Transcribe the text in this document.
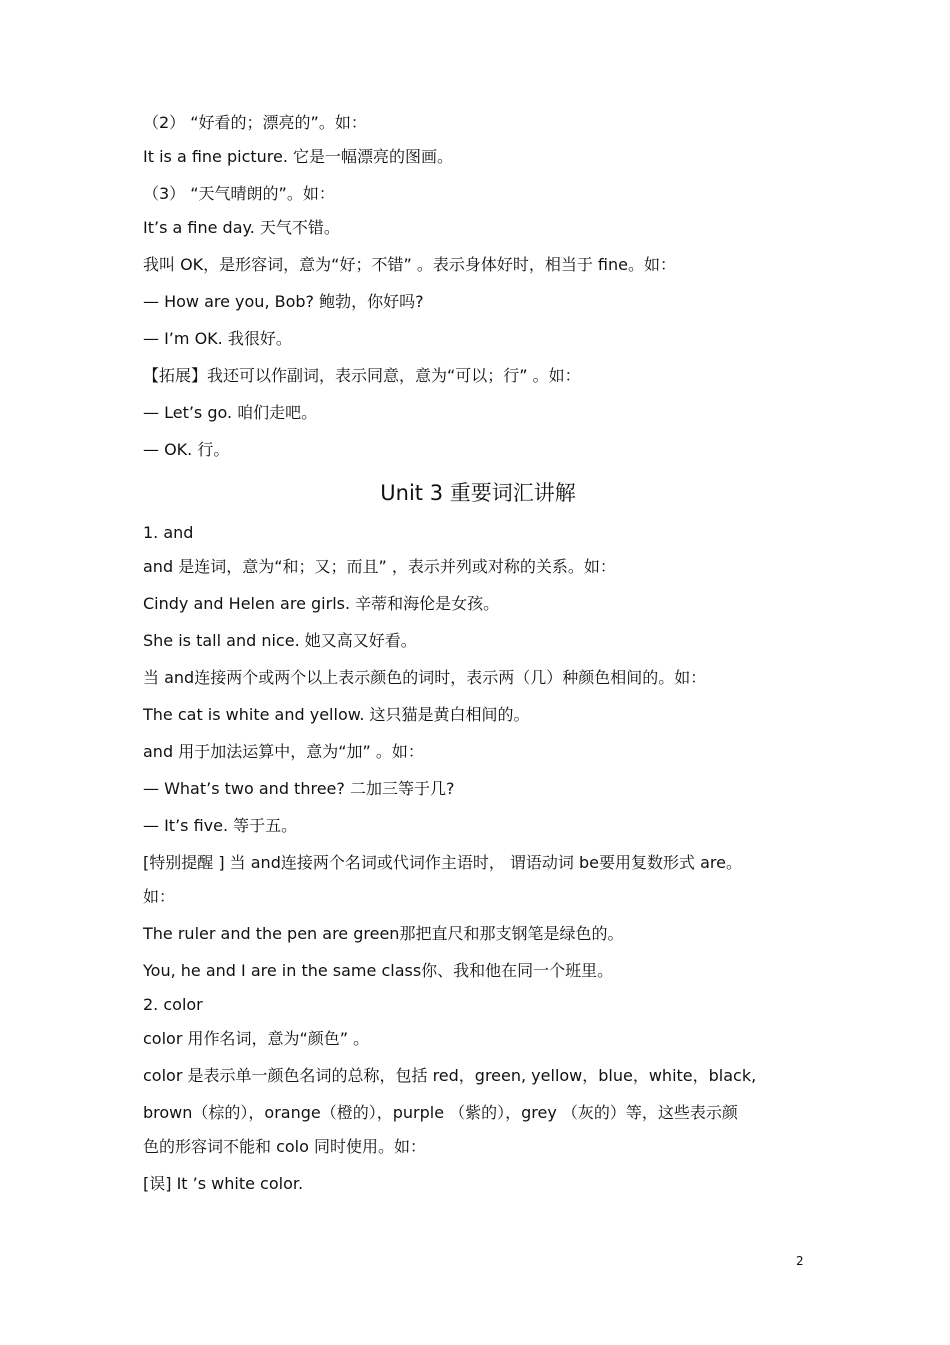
（2） “好看的；漂亮的”。如：
It is a fine picture. 它是一幅漂亮的图画。
（3） “天气晴朗的”。如：
It’s a fine day. 天气不错。
我叫 OK，是形容词，意为“好；不错” 。表示身体好时，相当于 fine。如：
— How are you, Bob? 鲍勃，你好吗?
— I’m OK. 我很好。
【拓展】我还可以作副词，表示同意，意为“可以；行” 。如：
— Let’s go. 咱们走吧。
— OK. 行。
Unit 3 重要词汇讲解
1. and
and 是连词，意为“和；又；而且” ，表示并列或对称的关系。如：
Cindy and Helen are girls. 辛蒂和海伦是女孩。
She is tall and nice. 她又高又好看。
当 and连接两个或两个以上表示颜色的词时，表示两（几）种颜色相间的。如：
The cat is white and yellow. 这只猫是黄白相间的。
and 用于加法运算中，意为“加” 。如：
— What’s two and three? 二加三等于几?
— It’s five. 等于五。
[特别提醒 ] 当 and连接两个名词或代词作主语时， 谓语动词 be要用复数形式 are。
如：
The ruler and the pen are green那把直尺和那支钢笔是绿色的。
You, he and I are in the same class你、我和他在同一个班里。
2. color
color 用作名词，意为“颜色” 。
color 是表示单一颜色名词的总称，包括 red，green, yellow，blue，white，black,
brown（棕的），orange（橙的），purple （紫的），grey （灰的）等，这些表示颜
色的形容词不能和 colo 同时使用。如：
[误] It ’s white color.
2
